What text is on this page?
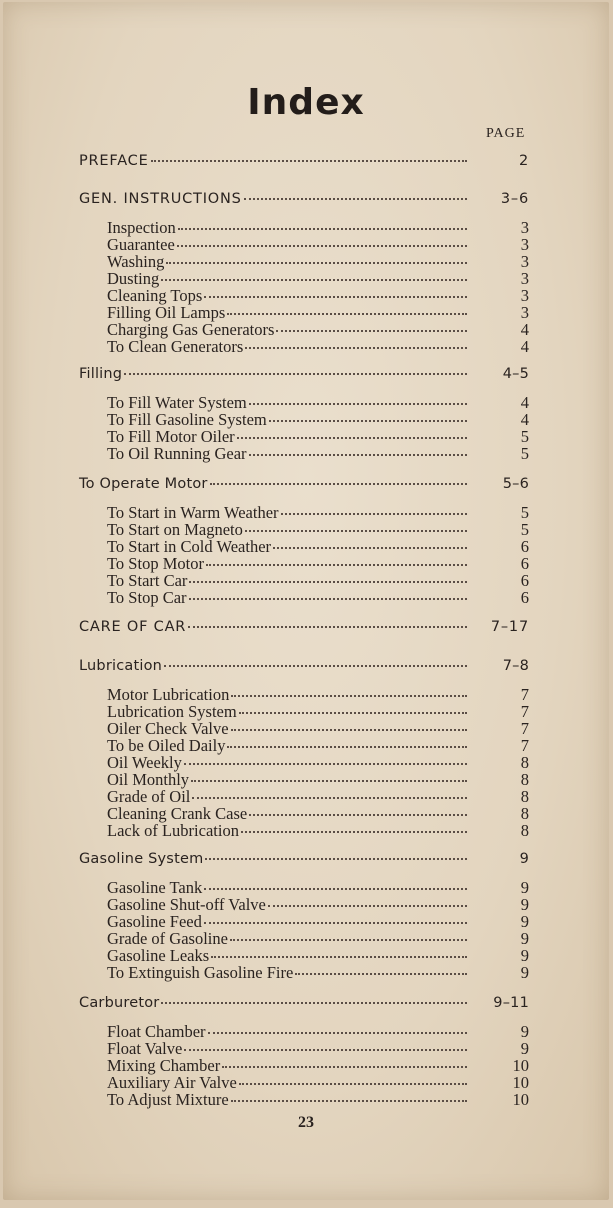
Index
PAGE
PREFACE	2
GEN. INSTRUCTIONS	3–6
Inspection	3
Guarantee	3
Washing	3
Dusting	3
Cleaning Tops	3
Filling Oil Lamps	3
Charging Gas Generators	4
To Clean Generators	4
Filling	4–5
To Fill Water System	4
To Fill Gasoline System	4
To Fill Motor Oiler	5
To Oil Running Gear	5
To Operate Motor	5–6
To Start in Warm Weather	5
To Start on Magneto	5
To Start in Cold Weather	6
To Stop Motor	6
To Start Car	6
To Stop Car	6
CARE OF CAR	7–17
Lubrication	7–8
Motor Lubrication	7
Lubrication System	7
Oiler Check Valve	7
To be Oiled Daily	7
Oil Weekly	8
Oil Monthly	8
Grade of Oil	8
Cleaning Crank Case	8
Lack of Lubrication	8
Gasoline System	9
Gasoline Tank	9
Gasoline Shut-off Valve	9
Gasoline Feed	9
Grade of Gasoline	9
Gasoline Leaks	9
To Extinguish Gasoline Fire	9
Carburetor	9–11
Float Chamber	9
Float Valve	9
Mixing Chamber	10
Auxiliary Air Valve	10
To Adjust Mixture	10
23
